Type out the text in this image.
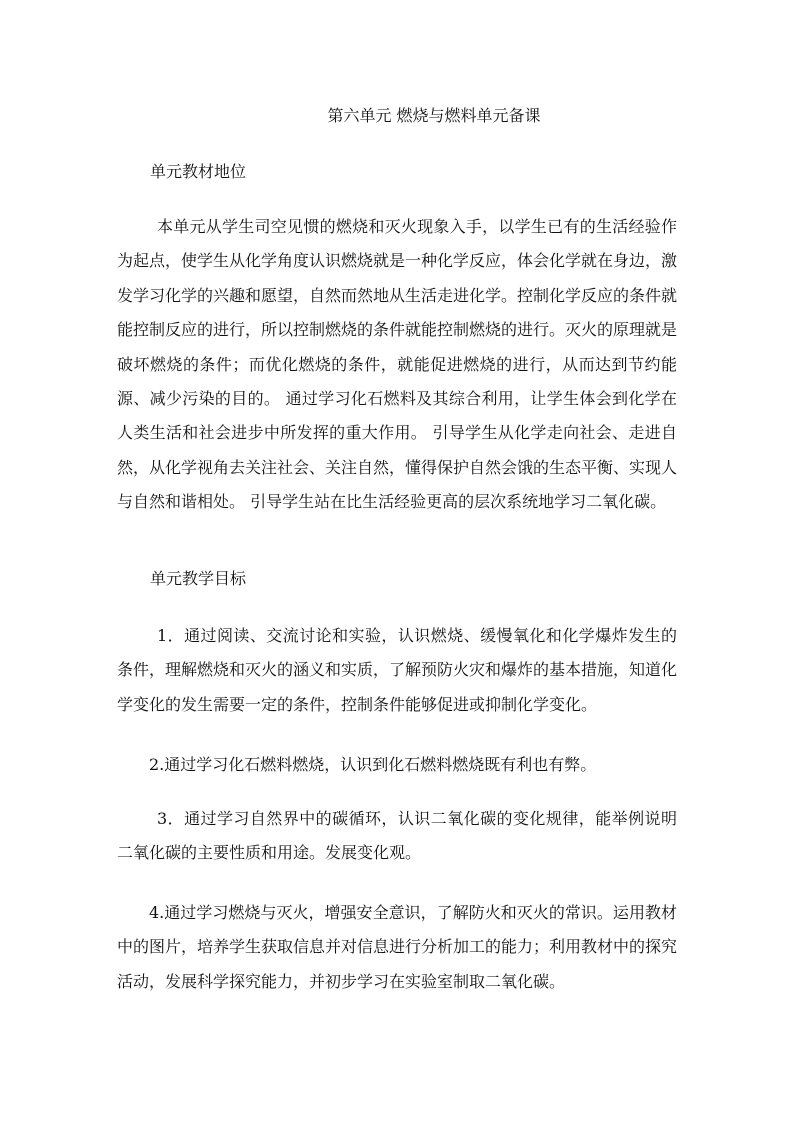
第六单元 燃烧与燃料单元备课
单元教材地位

本单元从学生司空见惯的燃烧和灭火现象入手，以学生已有的生活经验作为起点，使学生从化学角度认识燃烧就是一种化学反应，体会化学就在身边，激发学习化学的兴趣和愿望，自然而然地从生活走进化学。控制化学反应的条件就能控制反应的进行，所以控制燃烧的条件就能控制燃烧的进行。灭火的原理就是破坏燃烧的条件；而优化燃烧的条件，就能促进燃烧的进行，从而达到节约能源、减少污染的目的。 通过学习化石燃料及其综合利用，让学生体会到化学在人类生活和社会进步中所发挥的重大作用。 引导学生从化学走向社会、走进自然，从化学视角去关注社会、关注自然，懂得保护自然会饿的生态平衡、实现人与自然和谐相处。 引导学生站在比生活经验更高的层次系统地学习二氧化碳。

单元教学目标

1．通过阅读、交流讨论和实验，认识燃烧、缓慢氧化和化学爆炸发生的条件，理解燃烧和灭火的涵义和实质，了解预防火灾和爆炸的基本措施，知道化学变化的发生需要一定的条件，控制条件能够促进或抑制化学变化。

2.通过学习化石燃料燃烧，认识到化石燃料燃烧既有利也有弊。

3．通过学习自然界中的碳循环，认识二氧化碳的变化规律，能举例说明二氧化碳的主要性质和用途。发展变化观。

4.通过学习燃烧与灭火，增强安全意识，了解防火和灭火的常识。运用教材中的图片，培养学生获取信息并对信息进行分析加工的能力；利用教材中的探究活动，发展科学探究能力，并初步学习在实验室制取二氧化碳。
